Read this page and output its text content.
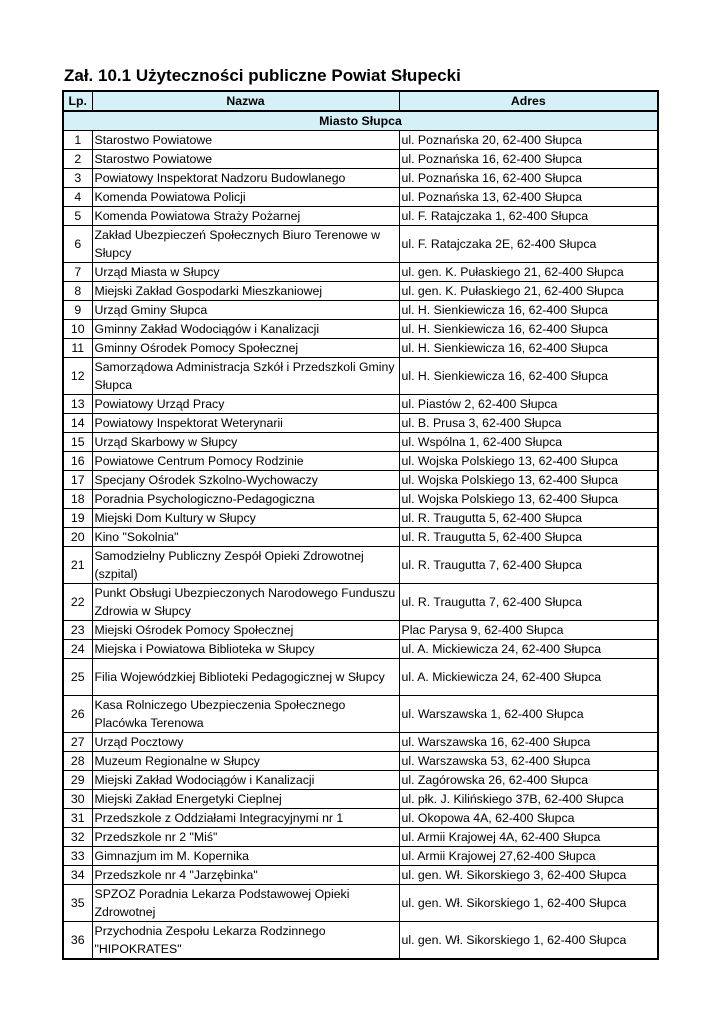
Zał. 10.1 Użyteczności publiczne Powiat Słupecki
Lp.	Nazwa	Adres
Miasto Słupca		
1	Starostwo Powiatowe	ul. Poznańska 20, 62-400 Słupca
2	Starostwo Powiatowe	ul. Poznańska 16, 62-400 Słupca
3	Powiatowy Inspektorat Nadzoru Budowlanego	ul. Poznańska 16, 62-400 Słupca
4	Komenda Powiatowa Policji	ul. Poznańska 13, 62-400 Słupca
5	Komenda Powiatowa Straży Pożarnej	ul. F. Ratajczaka 1, 62-400 Słupca
6	Zakład Ubezpieczeń Społecznych Biuro Terenowe w Słupcy	ul. F. Ratajczaka 2E, 62-400 Słupca
7	Urząd Miasta w Słupcy	ul. gen. K. Pułaskiego 21, 62-400 Słupca
8	Miejski Zakład Gospodarki Mieszkaniowej	ul. gen. K. Pułaskiego 21, 62-400 Słupca
9	Urząd Gminy Słupca	ul. H. Sienkiewicza 16, 62-400 Słupca
10	Gminny Zakład Wodociągów i Kanalizacji	ul. H. Sienkiewicza 16, 62-400 Słupca
11	Gminny Ośrodek Pomocy Społecznej	ul. H. Sienkiewicza 16, 62-400 Słupca
12	Samorządowa Administracja Szkół i Przedszkoli Gminy Słupca	ul. H. Sienkiewicza 16, 62-400 Słupca
13	Powiatowy Urząd Pracy	ul. Piastów 2, 62-400 Słupca
14	Powiatowy Inspektorat Weterynarii	ul. B. Prusa 3, 62-400 Słupca
15	Urząd Skarbowy w Słupcy	ul. Wspólna 1, 62-400 Słupca
16	Powiatowe Centrum Pomocy Rodzinie	ul. Wojska Polskiego 13, 62-400 Słupca
17	Specjany Ośrodek Szkolno-Wychowaczy	ul. Wojska Polskiego 13, 62-400 Słupca
18	Poradnia Psychologiczno-Pedagogiczna	ul. Wojska Polskiego 13, 62-400 Słupca
19	Miejski Dom Kultury w Słupcy	ul. R. Traugutta 5, 62-400 Słupca
20	Kino "Sokolnia"	ul. R. Traugutta 5, 62-400 Słupca
21	Samodzielny Publiczny Zespół Opieki Zdrowotnej (szpital)	ul. R. Traugutta 7, 62-400 Słupca
22	Punkt Obsługi Ubezpieczonych Narodowego Funduszu Zdrowia w Słupcy	ul. R. Traugutta 7, 62-400 Słupca
23	Miejski Ośrodek Pomocy Społecznej	Plac Parysa 9, 62-400 Słupca
24	Miejska i Powiatowa Biblioteka w Słupcy	ul. A. Mickiewicza 24, 62-400 Słupca
25	Filia Wojewódzkiej Biblioteki Pedagogicznej w Słupcy	ul. A. Mickiewicza 24, 62-400 Słupca
26	Kasa Rolniczego Ubezpieczenia Społecznego Placówka Terenowa	ul. Warszawska 1, 62-400 Słupca
27	Urząd Pocztowy	ul. Warszawska 16, 62-400 Słupca
28	Muzeum Regionalne w Słupcy	ul. Warszawska 53, 62-400 Słupca
29	Miejski Zakład Wodociągów i Kanalizacji	ul. Zagórowska 26, 62-400 Słupca
30	Miejski Zakład Energetyki Cieplnej	ul. płk. J. Kilińskiego 37B, 62-400 Słupca
31	Przedszkole z Oddziałami Integracyjnymi nr 1	ul. Okopowa 4A, 62-400 Słupca
32	Przedszkole nr 2 "Miś"	ul. Armii Krajowej 4A, 62-400 Słupca
33	Gimnazjum im M. Kopernika	ul. Armii Krajowej 27,62-400 Słupca
34	Przedszkole nr 4 "Jarzębinka"	ul. gen. Wł. Sikorskiego 3, 62-400 Słupca
35	SPZOZ Poradnia Lekarza Podstawowej Opieki Zdrowotnej	ul. gen. Wł. Sikorskiego 1, 62-400 Słupca
36	Przychodnia Zespołu Lekarza Rodzinnego "HIPOKRATES"	ul. gen. Wł. Sikorskiego 1, 62-400 Słupca
